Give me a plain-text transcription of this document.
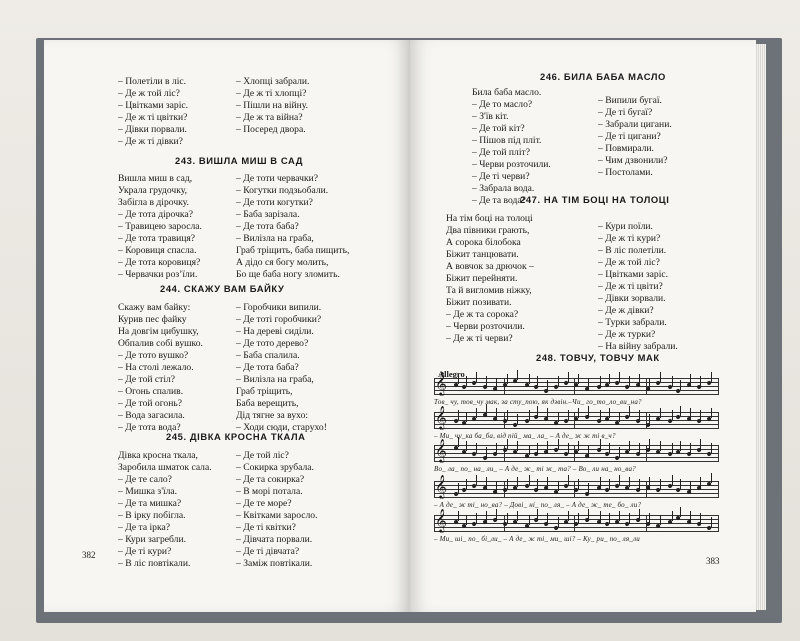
– Полетіли в ліс.
– Де ж той ліс?
– Цвітками заріс.
– Де ж ті цвітки?
– Дівки порвали.
– Де ж ті дівки?
– Хлопці забрали.
– Де ж ті хлопці?
– Пішли на війну.
– Де ж та війна?
– Посеред двора.
243. ВИШЛА МИШ В САД
Вишла миш в сад,
Украла грудочку,
Забігла в дірочку.
– Де тота дірочка?
– Травицею заросла.
– Де тота травиця?
– Коровиця спасла.
– Де тота коровиця?
– Червачки розʼїли.
– Де тоти червачки?
– Когутки подзьобали.
– Де тоти когутки?
– Баба зарізала.
– Де тота баба?
– Вилізла на граба,
Граб тріщить, баба пищить,
А дідо ся богу молить,
Бо ще баба ногу зломить.
244. СКАЖУ ВАМ БАЙКУ
Скажу вам байку:
Курив пес файку
На довгім цибушку,
Обпалив собі вушко.
– Де тото вушко?
– На столі лежало.
– Де той стіл?
– Огонь спалив.
– Де той огонь?
– Вода загасила.
– Де тота вода?
– Горобчики випили.
– Де тоті горобчики?
– На дереві сиділи.
– Де тото дерево?
– Баба спалила.
– Де тота баба?
– Вилізла на граба,
Граб тріщить,
Баба верещить,
Дід тягне за вухо:
– Ходи сюди, старухо!
245. ДІВКА КРОСНА ТКАЛА
Дівка кросна ткала,
Заробила шматок сала.
– Де те сало?
– Мишка з'їла.
– Де та мишка?
– В ірку побігла.
– Де та ірка?
– Кури загребли.
– Де ті кури?
– В ліс повтікали.
– Де той ліс?
– Сокирка зрубала.
– Де та сокирка?
– В морі потала.
– Де те море?
– Квітками заросло.
– Де ті квітки?
– Дівчата порвали.
– Де ті дівчата?
– Заміж повтікали.
382
246. БИЛА БАБА МАСЛО
Била баба масло.
– Де то масло?
– З'їв кіт.
– Де той кіт?
– Пішов під пліт.
– Де той пліт?
– Черви розточили.
– Де ті черви?
– Забрала вода.
– Де та вода?
– Випили бугаї.
– Де ті бугаї?
– Забрали цигани.
– Де ті цигани?
– Повмирали.
– Чим дзвонили?
– Постолами.
247. НА ТІМ БОЦІ НА ТОЛОЦІ
На тім боці на толоці
Два півники грають,
А сорока білобока
Біжит танцювати.
А вовчок за дрючок –
Біжит перейняти.
Та й вигломив ніжку,
Біжит позивати.
– Де ж та сорока?
– Черви розточили.
– Де ж ті черви?
– Кури поїли.
– Де ж ті кури?
– В ліс полетіли.
– Де ж той ліс?
– Цвітками заріс.
– Де ж ті цвіти?
– Дівки зорвали.
– Де ж дівки?
– Турки забрали.
– Де ж турки?
– На війну забрали.
248. ТОВЧУ, ТОВЧУ МАК
Allegro
𝄞
Тов_ чу, тов_чу мак, за сту_пою, як дзвін.–Чи_ го_то_ло_ви_на?
𝄞
– Ми_ чу_ка ба_ба, від пій_ ма_ ла_ – А де_ ж ж ті в_ч?
𝄞
Во_ ла_ по_ на_ ли_ – А де_ ж_ ті ж_ та? – Во_ ли на_ но_ва?
𝄞
– А де_ ж ті_ но_ва? – Дові_ ні_ по_ ля_ – А де_ ж_ те_ бо_ ли?
𝄞
– Ми_ ші_ по_ бі_ли_ – А де_ ж ті_ ми_ ші? – Ку_ ри_ по_ ля_ли
383
